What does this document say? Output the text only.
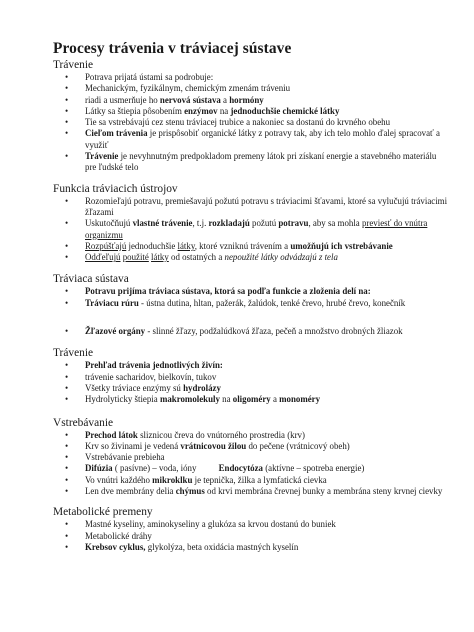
Procesy trávenia v tráviacej sústave
Trávenie
• Potrava prijatá ústami sa podrobuje:
• Mechanickým, fyzikálnym, chemickým zmenám tráveniu
• riadi a usmerňuje ho nervová sústava a hormóny
• Látky sa štiepia pôsobením enzýmov na jednoduchšie chemické látky
• Tie sa vstrebávajú cez stenu tráviacej trubice a nakoniec sa dostanú do krvného obehu
• Cieľom trávenia je prispôsobiť organické látky z potravy tak, aby ich telo mohlo ďalej spracovať a využiť
• Trávenie je nevyhnutným predpokladom premeny látok pri získaní energie a stavebného materiálu pre ľudské telo
Funkcia tráviacich ústrojov
• Rozomieľajú potravu, premiešavajú požutú potravu s tráviacimi šťavami, ktoré sa vylučujú tráviacimi žľazami
• Uskutočňujú vlastné trávenie, t.j. rozkladajú požutú potravu, aby sa mohla previesť do vnútra organizmu
• Rozpúšťajú jednoduchšie látky, ktoré vzniknú trávením a umožňujú ich vstrebávanie
• Odďeľujú použité látky od ostatných a nepoužité látky odvádzajú z tela
Tráviaca sústava
• Potravu prijíma tráviaca sústava, ktorá sa podľa funkcie a zloženia delí na:
• Tráviacu rúru - ústna dutina, hltan, pažerák, žalúdok, tenké črevo, hrubé črevo, konečník
• Žľazové orgány - slinné žľazy, podžalúdková žľaza, pečeň a množstvo drobných žliazok
Trávenie
• Prehľad trávenia jednotlivých živín:
• trávenie sacharidov, bielkovín, tukov
• Všetky tráviace enzýmy sú hydrolázy
• Hydrolyticky štiepia makromolekuly na oligoméry a monoméry
Vstrebávanie
• Prechod látok sliznicou čreva do vnútorného prostredia (krv)
• Krv so živinami je vedená vrátnicovou žilou do pečene (vrátnicový obeh)
• Vstrebávanie prebieha
• Difúzia ( pasívne) – voda, ióny          Endocytóza (aktívne – spotreba energie)
• Vo vnútri každého mikroklku je tepnička, žilka a lymfatická cievka
• Len dve membrány delia chýmus od krvi membrána črevnej bunky a membrána steny krvnej cievky
Metabolické premeny
• Mastné kyseliny, aminokyseliny a glukóza sa krvou dostanú do buniek
• Metabolické dráhy
• Krebsov cyklus, glykolýza, beta oxidácia mastných kyselín
